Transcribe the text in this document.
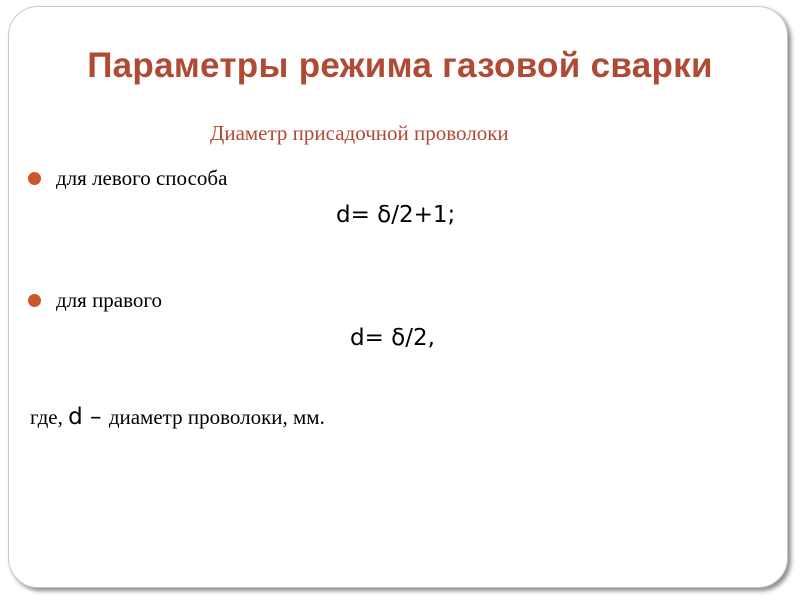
Параметры режима газовой сварки
Диаметр присадочной проволоки
для левого способа
d= δ/2+1;
для правого
d= δ/2,
где, d – диаметр проволоки, мм.
